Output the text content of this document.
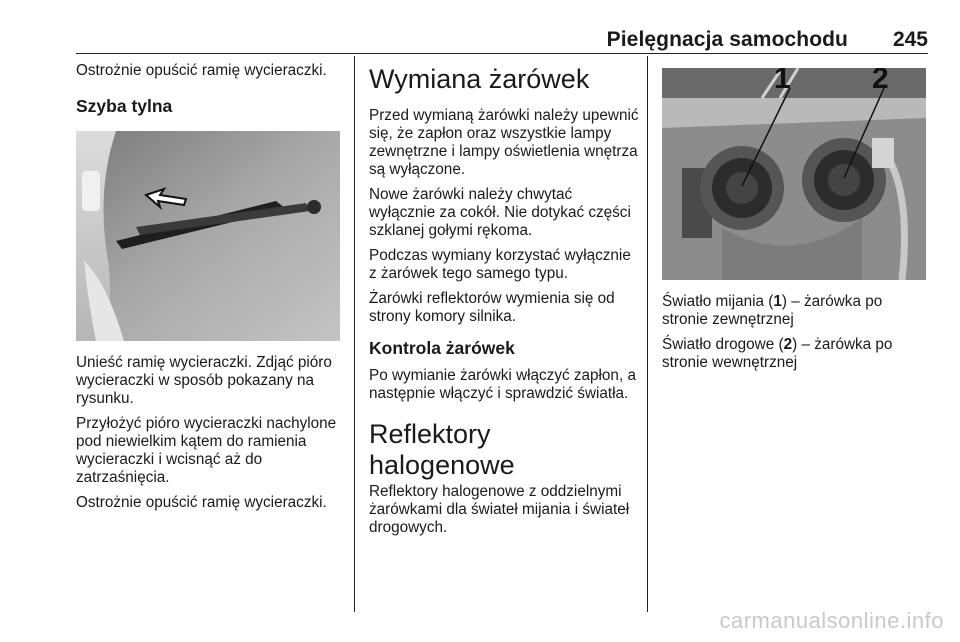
Pielęgnacja samochodu	245

Ostrożnie opuścić ramię wycieraczki.

Szyba tylna

Unieść ramię wycieraczki. Zdjąć pióro wycieraczki w sposób pokazany na rysunku.

Przyłożyć pióro wycieraczki nachylone pod niewielkim kątem do ramienia wycieraczki i wcisnąć aż do zatrzaśnięcia.

Ostrożnie opuścić ramię wycieraczki.

Wymiana żarówek

Przed wymianą żarówki należy upewnić się, że zapłon oraz wszystkie lampy zewnętrzne i lampy oświetlenia wnętrza są wyłączone.

Nowe żarówki należy chwytać wyłącznie za cokół. Nie dotykać części szklanej gołymi rękoma.

Podczas wymiany korzystać wyłącznie z żarówek tego samego typu.

Żarówki reflektorów wymienia się od strony komory silnika.

Kontrola żarówek

Po wymianie żarówki włączyć zapłon, a następnie włączyć i sprawdzić światła.

Reflektory halogenowe

Reflektory halogenowe z oddzielnymi żarówkami dla świateł mijania i świateł drogowych.

1	2

Światło mijania (1) – żarówka po stronie zewnętrznej

Światło drogowe (2) – żarówka po stronie wewnętrznej

carmanualsonline.info
